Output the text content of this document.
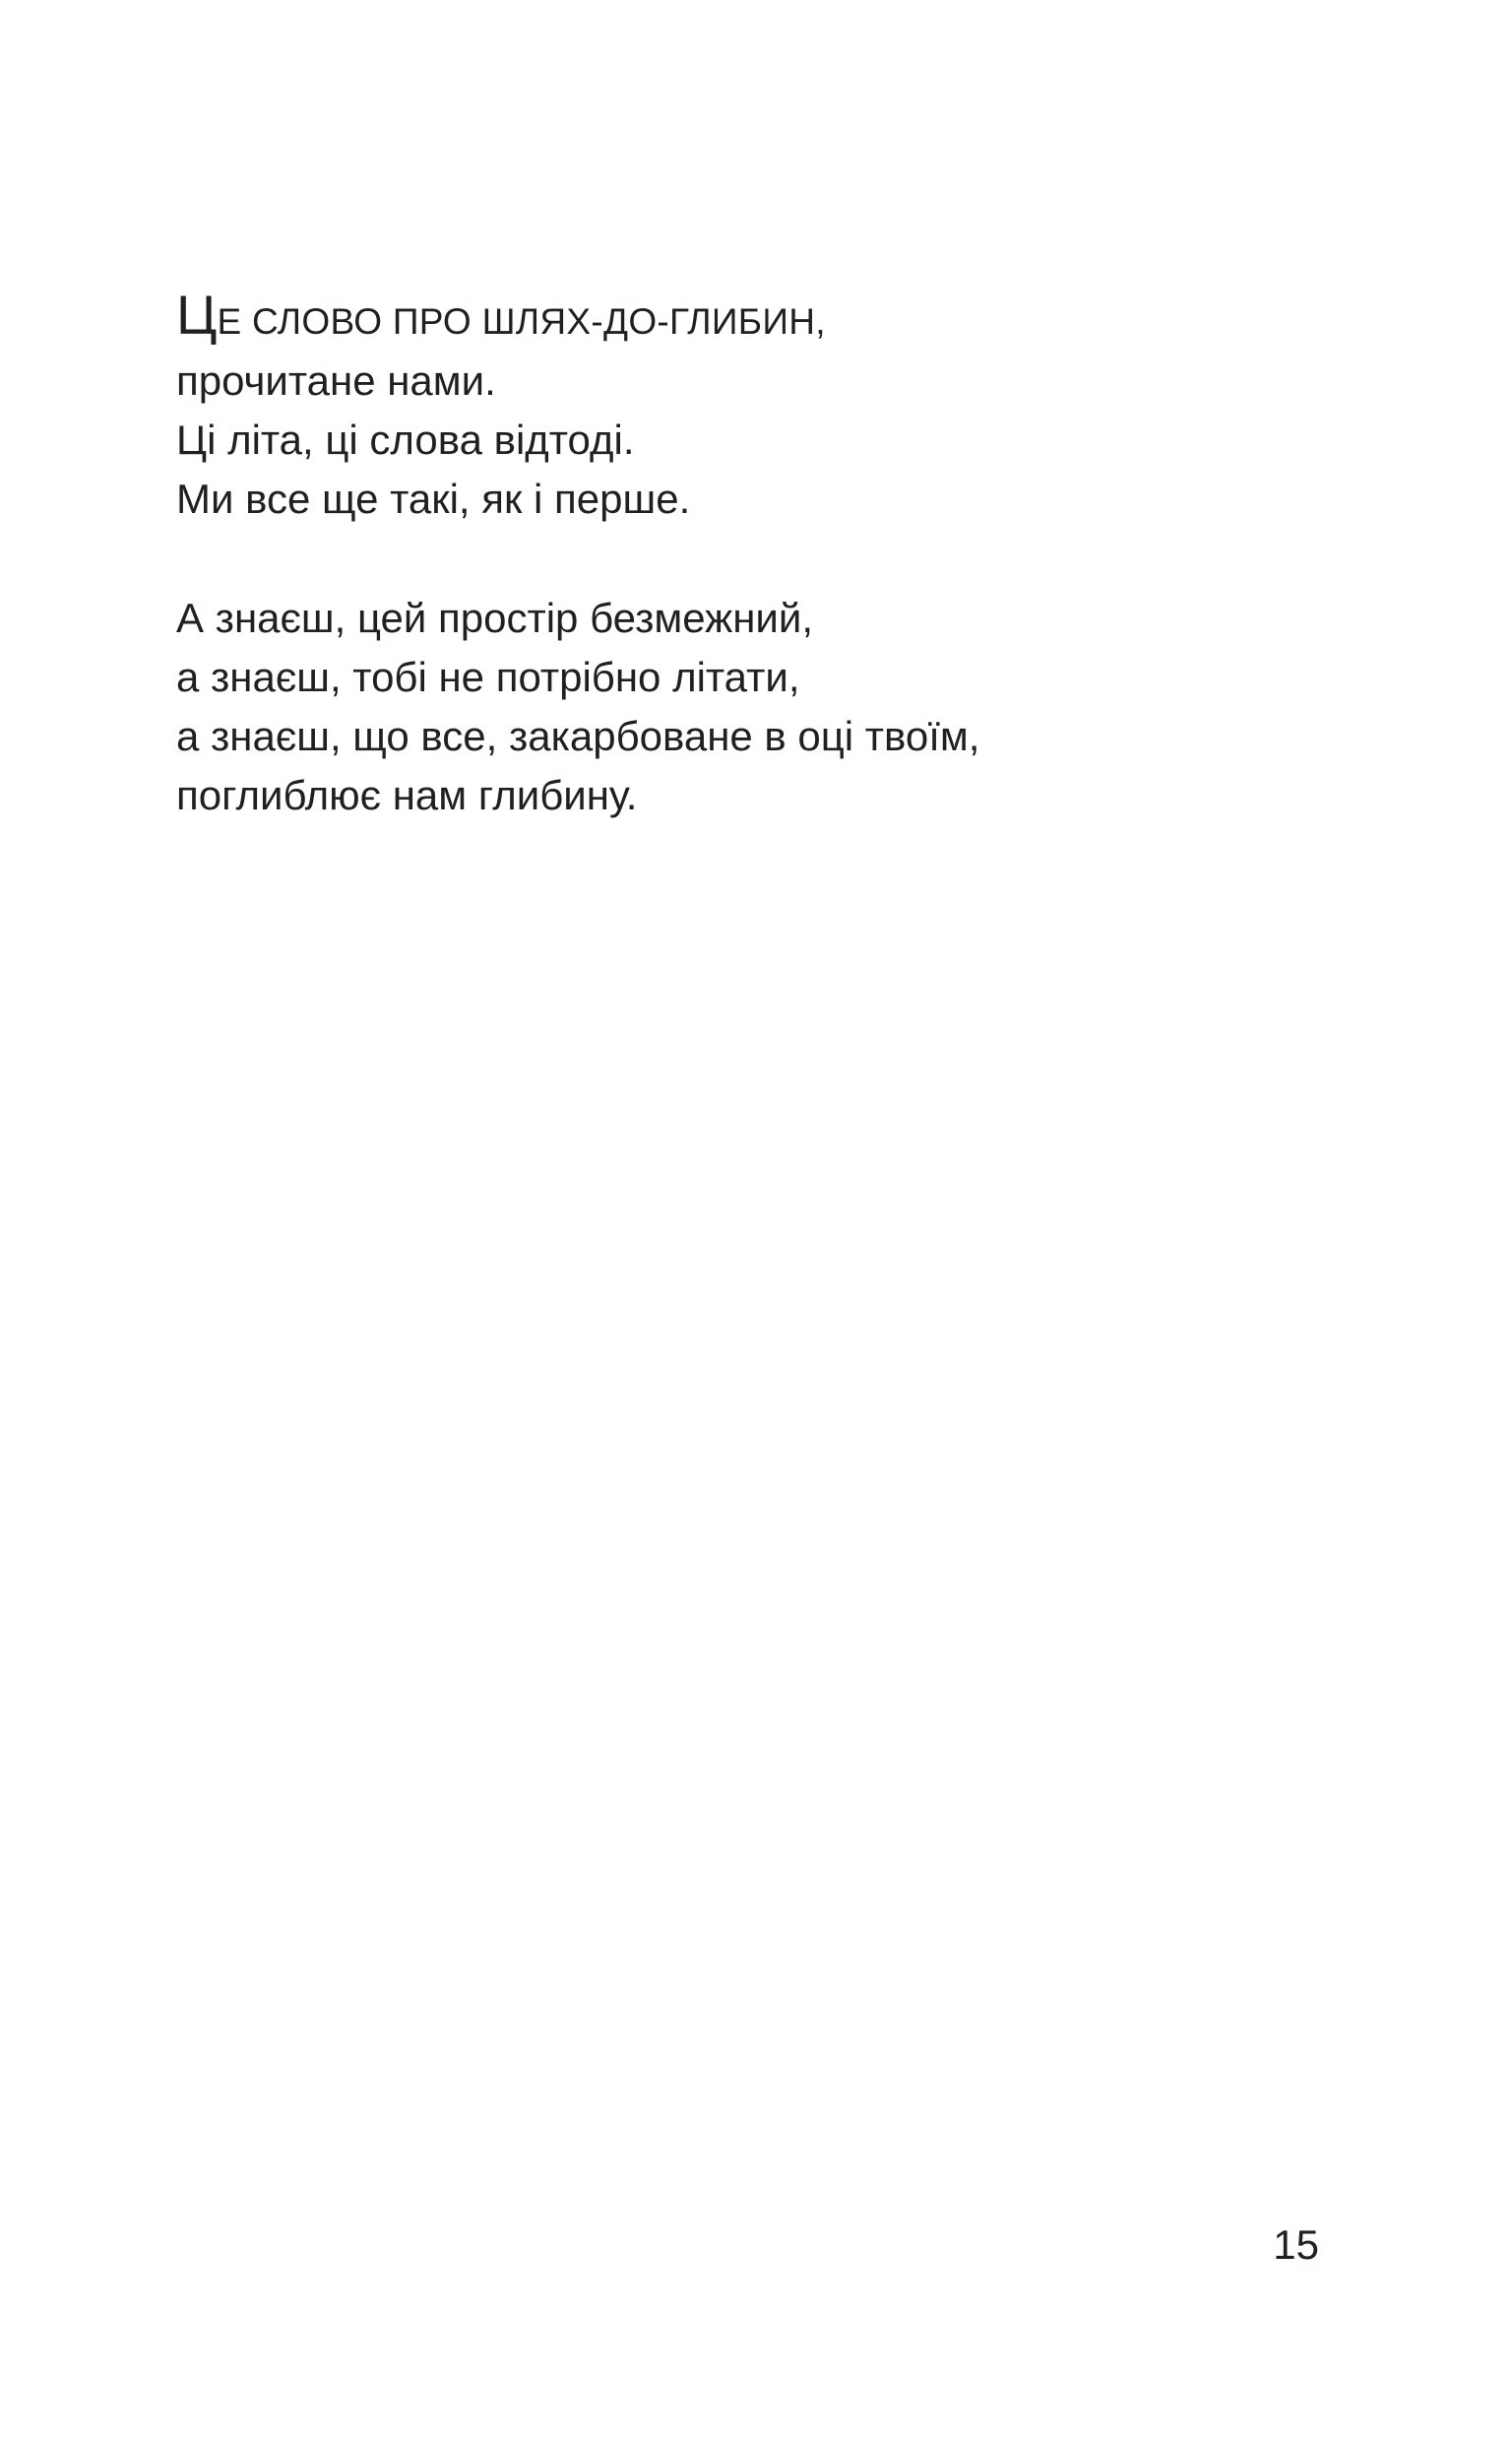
ЦЕ СЛОВО ПРО ШЛЯХ-ДО-ГЛИБИН,
прочитане нами.
Ці літа, ці слова відтоді.
Ми все ще такі, як і перше.

А знаєш, цей простір безмежний,
а знаєш, тобі не потрібно літати,
а знаєш, що все, закарбоване в оці твоїм,
поглиблює нам глибину.

15
